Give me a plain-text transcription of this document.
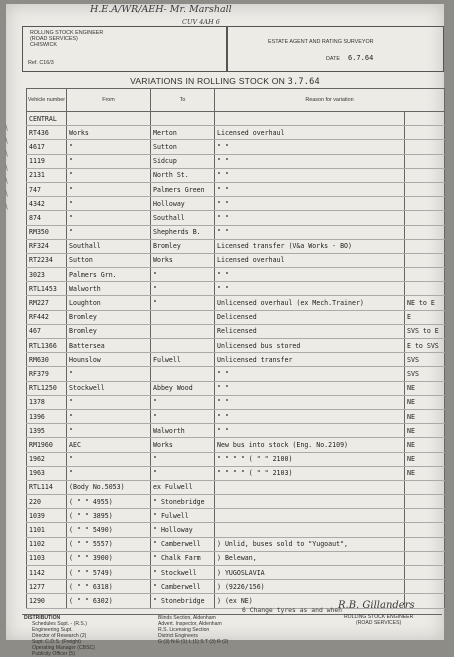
H.E.A/WR/AEH- Mr. Marshall
CUV 4AH 6
ROLLING STOCK ENGINEER
(ROAD SERVICES)
CHISWICK
Ref. C16/3
ESTATE AGENT AND RATING SURVEYOR
DATE 6.7.64
VARIATIONS IN ROLLING STOCK ON 3.7.64
Vehicle number	From	To	Reason for variation	
CENTRAL				
RT436	Works	Merton	Licensed overhaul	
4617	"	Sutton	" "	
1119	"	Sidcup	" "	
2131	"	North St.	" "	
747	"	Palmers Green	" "	
4342	"	Holloway	" "	
874	"	Southall	" "	
RM350	"	Shepherds B.	" "	
RF324	Southall	Bromley	Licensed transfer (V&a Works - BO)	
RT2234	Sutton	Works	Licensed overhaul	
3023	Palmers Grn.	"	" "	
RTL1453	Walworth	"	" "	
RM227	Loughton	"	Unlicensed overhaul (ex Mech.Trainer)	NE to E
RF442	Bromley		Delicensed	E
467	Bromley		Relicensed	SVS to E
RTL1366	Battersea		Unlicensed bus stored	E to SVS
RM630	Hounslow	Fulwell	Unlicensed transfer	SVS
RF379	"		" "	SVS
RTL1250	Stockwell	Abbey Wood	" "	NE
1378	"	"	" "	NE
1396	"	"	" "	NE
1395	"	Walworth	" "	NE
RM1960	AEC	Works	New bus into stock (Eng. No.2109)	NE
1962	"	"	" " " " ( " " 2100)	NE
1963	"	"	" " " " ( " " 2103)	NE
RTL114	(Body No.5053)	ex Fulwell		
220	( " " 4955)	" Stonebridge		
1039	( " " 3895)	" Fulwell		
1101	( " " 5490)	" Holloway		
1102	( " " 5557)	" Camberwell	) Unlid, buses sold to "Yugoaut",	
1103	( " " 3900)	" Chalk Farm	) Belewan,	
1142	( " " 5749)	" Stockwell	) YUGOSLAVIA	
1277	( " " 6318)	" Camberwell	) (9226/156)	
1290	( " " 6302)	" Stonebridge	) (ex NE)	
∖
∖
∖
∖
∖
∖
∖
6 Change tyres as and when
DISTRIBUTION
Schedules Supt. - (R.S.)
Engineering Supt.
Director of Research (2)
Supt. C.D.S. (Freight)
Operating Manager (CBSC)
Publicity Officer (5)
Blinds Section, Aldenham
Advert. Inspector, Aldenham
R.S. Licensing Section
District Engineers
G (3) N E (1) L (1) S T (3) R (2)
R.B. Gillanders
ROLLING STOCK ENGINEER
(ROAD SERVICES)
